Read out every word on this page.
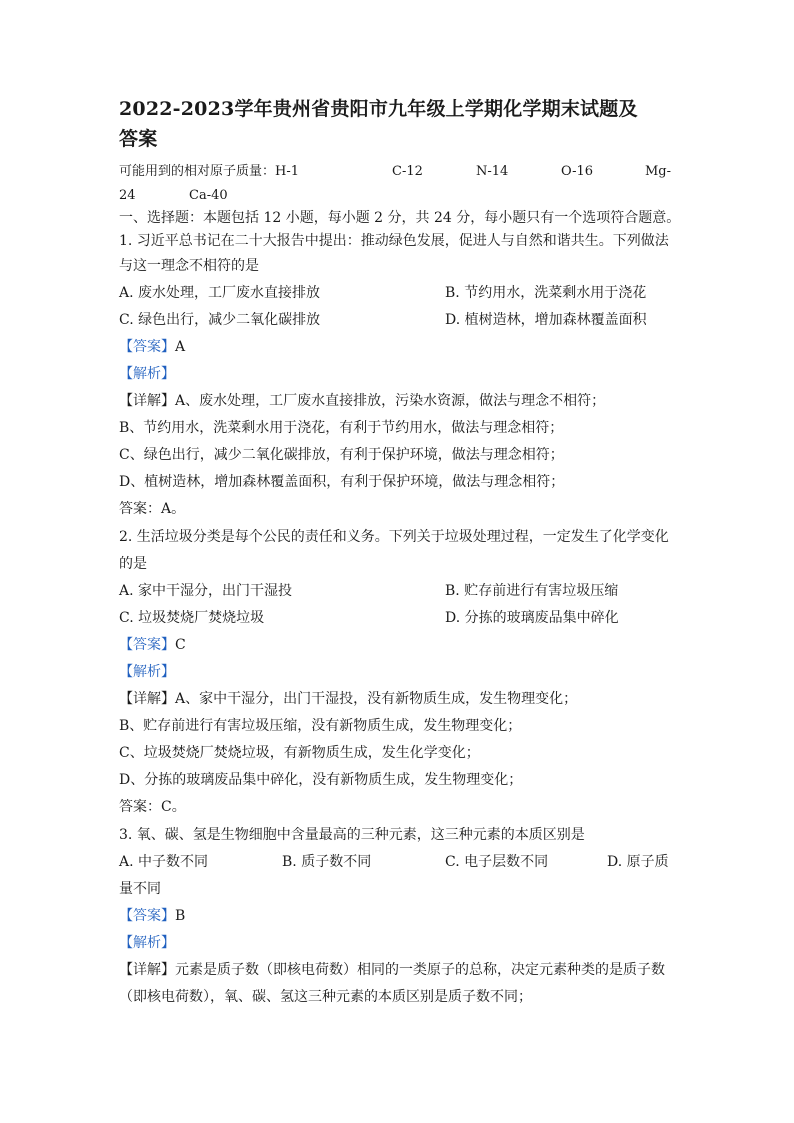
2022-2023学年贵州省贵阳市九年级上学期化学期末试题及
答案
可能用到的相对原子质量：H-1	C-12	N-14	O-16	Mg-
24	Ca-40
一、选择题：本题包括 12 小题，每小题 2 分，共 24 分，每小题只有一个选项符合题意。
1. 习近平总书记在二十大报告中提出：推动绿色发展，促进人与自然和谐共生。下列做法
与这一理念不相符的是
A. 废水处理，工厂废水直接排放	B. 节约用水，洗菜剩水用于浇花
C. 绿色出行，减少二氧化碳排放	D. 植树造林，增加森林覆盖面积
【答案】A
【解析】
【详解】A、废水处理，工厂废水直接排放，污染水资源，做法与理念不相符；
B、节约用水，洗菜剩水用于浇花，有利于节约用水，做法与理念相符；
C、绿色出行，减少二氧化碳排放，有利于保护环境，做法与理念相符；
D、植树造林，增加森林覆盖面积，有利于保护环境，做法与理念相符；
答案：A。
2. 生活垃圾分类是每个公民的责任和义务。下列关于垃圾处理过程，一定发生了化学变化
的是
A. 家中干湿分，出门干湿投	B. 贮存前进行有害垃圾压缩
C. 垃圾焚烧厂焚烧垃圾	D. 分拣的玻璃废品集中碎化
【答案】C
【解析】
【详解】A、家中干湿分，出门干湿投，没有新物质生成，发生物理变化；
B、贮存前进行有害垃圾压缩，没有新物质生成，发生物理变化；
C、垃圾焚烧厂焚烧垃圾，有新物质生成，发生化学变化；
D、分拣的玻璃废品集中碎化，没有新物质生成，发生物理变化；
答案：C。
3. 氧、碳、氢是生物细胞中含量最高的三种元素，这三种元素的本质区别是
A. 中子数不同	B. 质子数不同	C. 电子层数不同	D. 原子质
量不同
【答案】B
【解析】
【详解】元素是质子数（即核电荷数）相同的一类原子的总称，决定元素种类的是质子数
（即核电荷数），氧、碳、氢这三种元素的本质区别是质子数不同；
